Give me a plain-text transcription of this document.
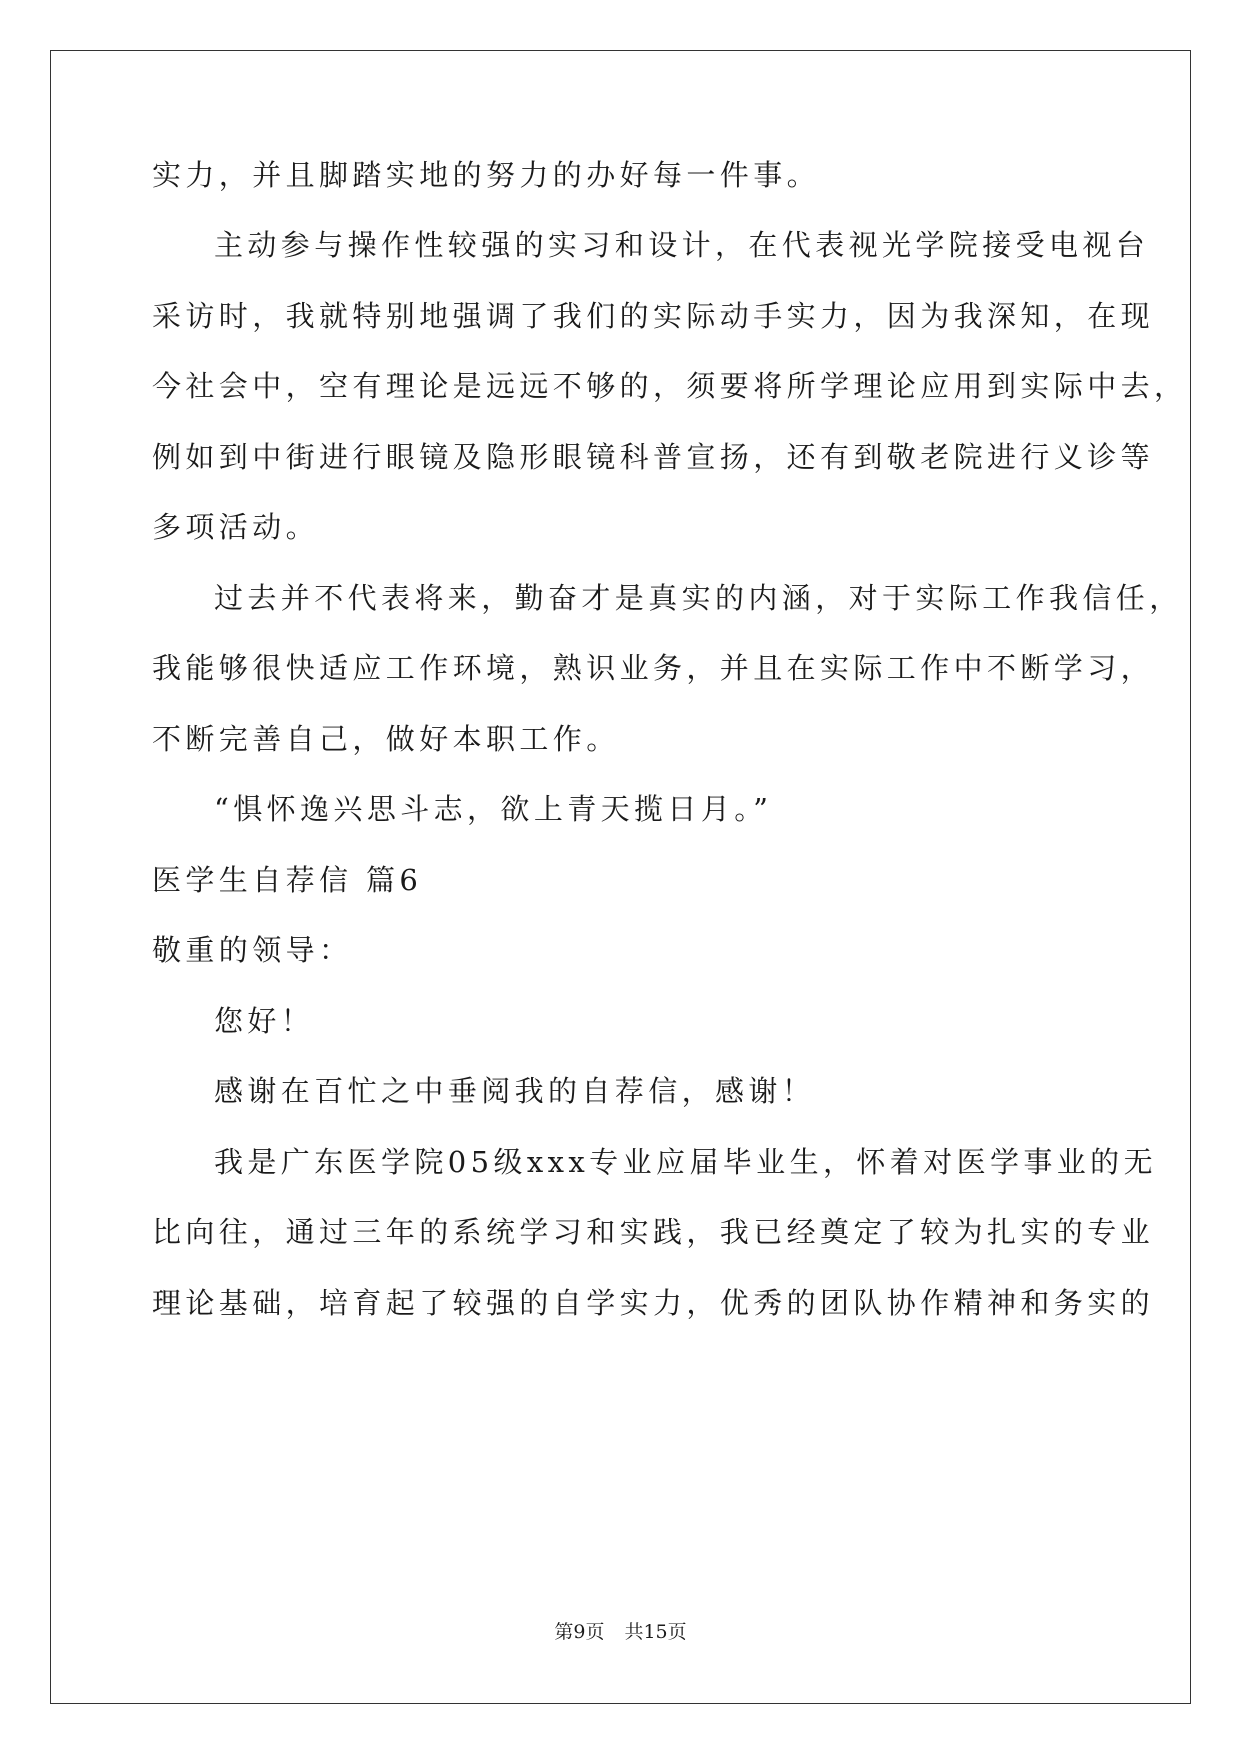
实力，并且脚踏实地的努力的办好每一件事。
主动参与操作性较强的实习和设计，在代表视光学院接受电视台
采访时，我就特别地强调了我们的实际动手实力，因为我深知，在现
今社会中，空有理论是远远不够的，须要将所学理论应用到实际中去，
例如到中街进行眼镜及隐形眼镜科普宣扬，还有到敬老院进行义诊等
多项活动。
过去并不代表将来，勤奋才是真实的内涵，对于实际工作我信任，
我能够很快适应工作环境，熟识业务，并且在实际工作中不断学习，
不断完善自己，做好本职工作。
“惧怀逸兴思斗志，欲上青天揽日月。”
医学生自荐信 篇6
敬重的领导：
您好！
感谢在百忙之中垂阅我的自荐信，感谢！
我是广东医学院05级xxx专业应届毕业生，怀着对医学事业的无
比向往，通过三年的系统学习和实践，我已经奠定了较为扎实的专业
理论基础，培育起了较强的自学实力，优秀的团队协作精神和务实的
第9页 共15页
